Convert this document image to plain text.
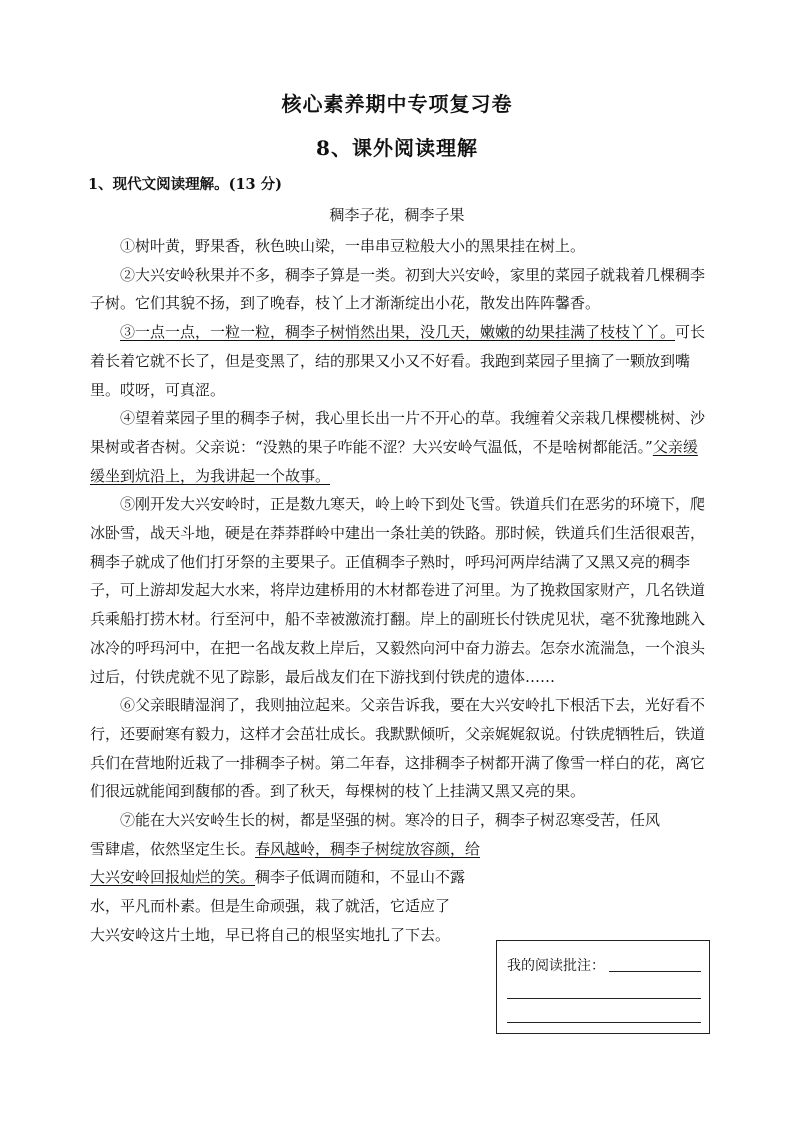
核心素养期中专项复习卷
8、课外阅读理解
1、现代文阅读理解。(13 分)
稠李子花，稠李子果

①树叶黄，野果香，秋色映山梁，一串串豆粒般大小的黑果挂在树上。

②大兴安岭秋果并不多，稠李子算是一类。初到大兴安岭，家里的菜园子就栽着几棵稠李子树。它们其貌不扬，到了晚春，枝丫上才渐渐绽出小花，散发出阵阵馨香。

③一点一点，一粒一粒，稠李子树悄然出果，没几天，嫩嫩的幼果挂满了枝枝丫丫。可长着长着它就不长了，但是变黑了，结的那果又小又不好看。我跑到菜园子里摘了一颗放到嘴里。哎呀，可真涩。

④望着菜园子里的稠李子树，我心里长出一片不开心的草。我缠着父亲栽几棵樱桃树、沙果树或者杏树。父亲说：“没熟的果子咋能不涩？大兴安岭气温低，不是啥树都能活。”父亲缓缓坐到炕沿上，为我讲起一个故事。

⑤刚开发大兴安岭时，正是数九寒天，岭上岭下到处飞雪。铁道兵们在恶劣的环境下，爬冰卧雪，战天斗地，硬是在莽莽群岭中建出一条壮美的铁路。那时候，铁道兵们生活很艰苦，稠李子就成了他们打牙祭的主要果子。正值稠李子熟时，呼玛河两岸结满了又黑又亮的稠李子，可上游却发起大水来，将岸边建桥用的木材都卷进了河里。为了挽救国家财产，几名铁道兵乘船打捞木材。行至河中，船不幸被激流打翻。岸上的副班长付铁虎见状，毫不犹豫地跳入冰冷的呼玛河中，在把一名战友救上岸后，又毅然向河中奋力游去。怎奈水流湍急，一个浪头过后，付铁虎就不见了踪影，最后战友们在下游找到付铁虎的遗体……

⑥父亲眼睛湿润了，我则抽泣起来。父亲告诉我，要在大兴安岭扎下根活下去，光好看不行，还要耐寒有毅力，这样才会茁壮成长。我默默倾听，父亲娓娓叙说。付铁虎牺牲后，铁道兵们在营地附近栽了一排稠李子树。第二年春，这排稠李子树都开满了像雪一样白的花，离它们很远就能闻到馥郁的香。到了秋天，每棵树的枝丫上挂满又黑又亮的果。

⑦能在大兴安岭生长的树，都是坚强的树。寒冷的日子，稠李子树忍寒受苦，任风

雪肆虐，依然坚定生长。春风越岭，稠李子树绽放容颜，给大兴安岭回报灿烂的笑。稠李子低调而随和，不显山不露水，平凡而朴素。但是生命顽强，栽了就活，它适应了

大兴安岭这片土地，早已将自己的根坚实地扎了下去。

我的阅读批注：
